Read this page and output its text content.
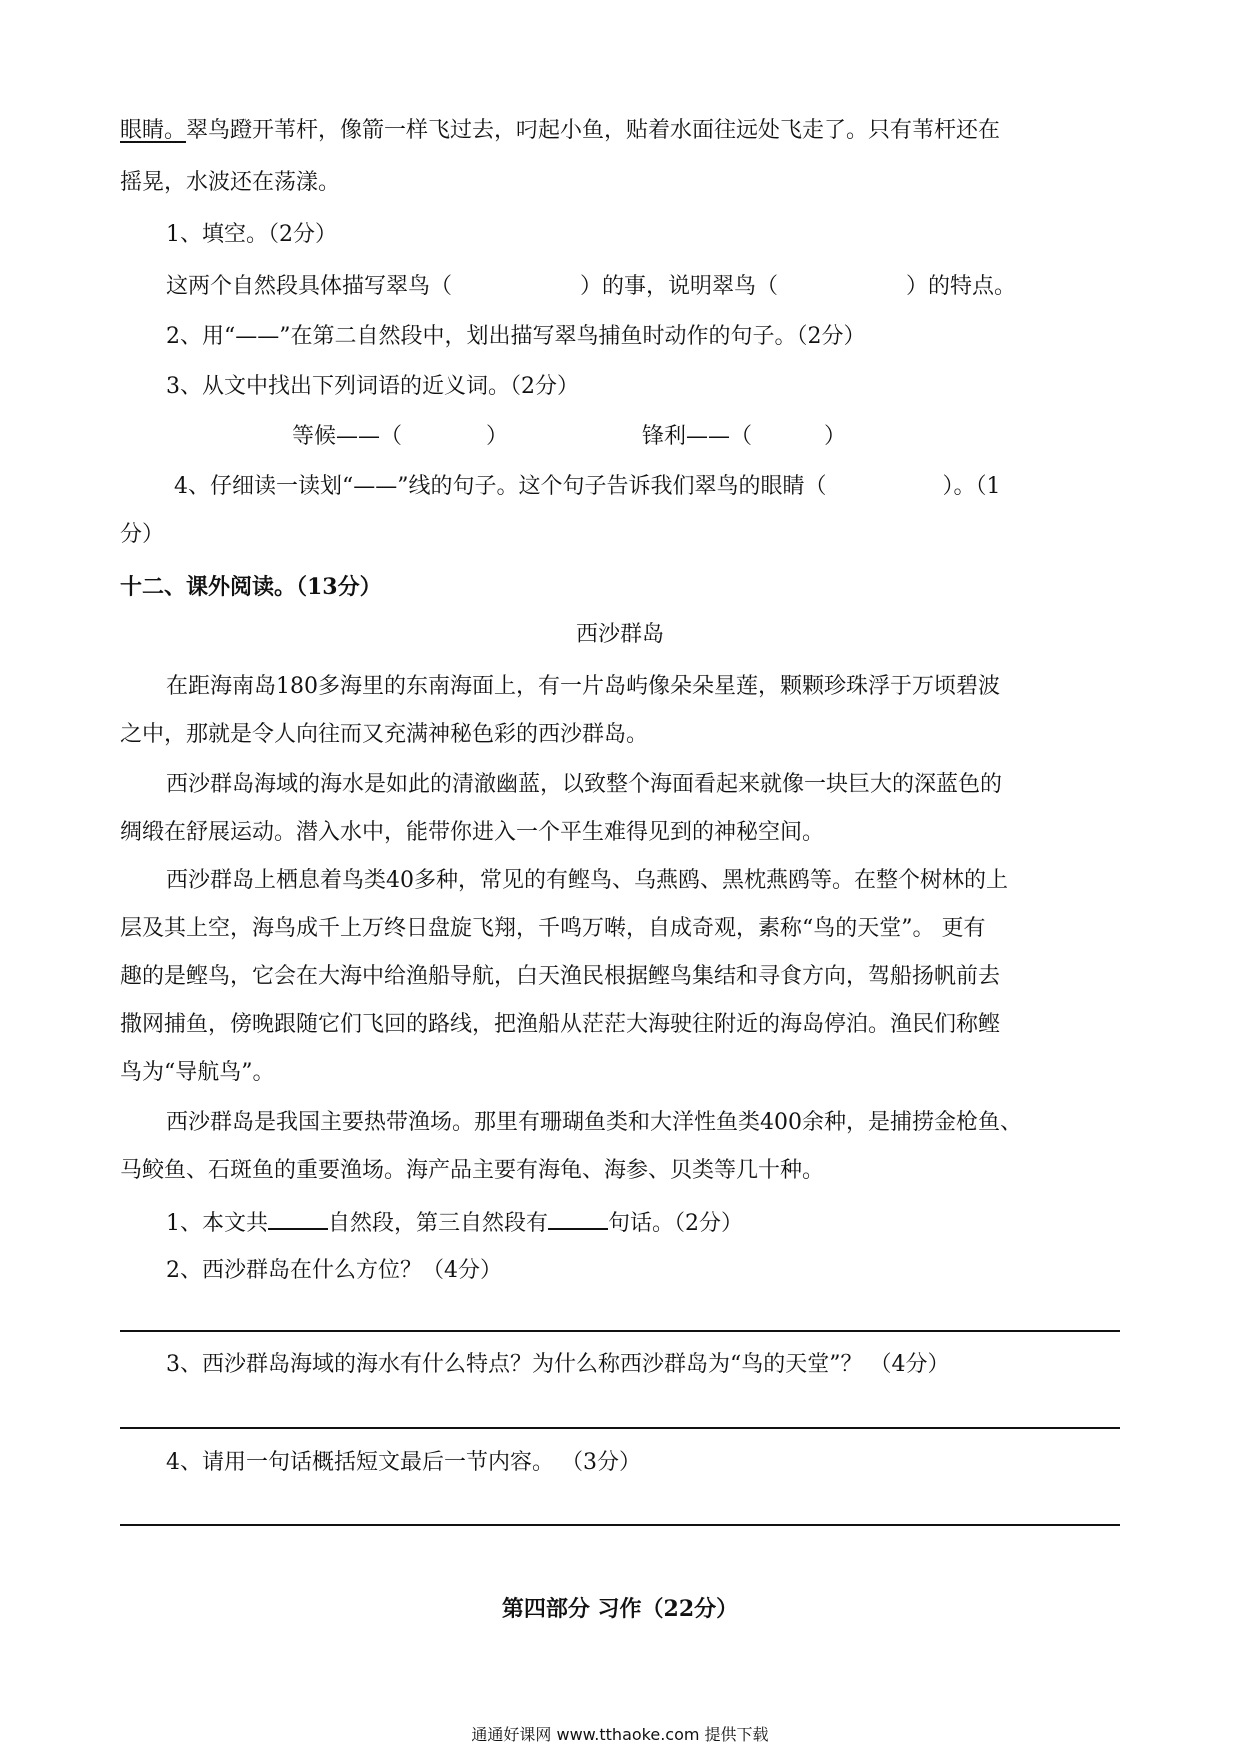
眼睛。翠鸟蹬开苇杆，像箭一样飞过去，叼起小鱼，贴着水面往远处飞走了。只有苇杆还在
摇晃，水波还在荡漾。
1、填空。（2分）
这两个自然段具体描写翠鸟（	）的事，说明翠鸟（	）的特点。
2、用“——”在第二自然段中，划出描写翠鸟捕鱼时动作的句子。（2分）
3、从文中找出下列词语的近义词。（2分）
等候——（	）	锋利——（	）
4、仔细读一读划“——”线的句子。这个句子告诉我们翠鸟的眼睛（	）。（1
分）
十二、课外阅读。（13分）
西沙群岛
在距海南岛180多海里的东南海面上，有一片岛屿像朵朵星莲，颗颗珍珠浮于万顷碧波
之中，那就是令人向往而又充满神秘色彩的西沙群岛。
西沙群岛海域的海水是如此的清澈幽蓝，以致整个海面看起来就像一块巨大的深蓝色的
绸缎在舒展运动。潜入水中，能带你进入一个平生难得见到的神秘空间。
西沙群岛上栖息着鸟类40多种，常见的有鲣鸟、乌燕鸥、黑枕燕鸥等。在整个树林的上
层及其上空，海鸟成千上万终日盘旋飞翔，千鸣万啭，自成奇观，素称“鸟的天堂”。 更有
趣的是鲣鸟，它会在大海中给渔船导航，白天渔民根据鲣鸟集结和寻食方向，驾船扬帆前去
撒网捕鱼，傍晚跟随它们飞回的路线，把渔船从茫茫大海驶往附近的海岛停泊。渔民们称鲣
鸟为“导航鸟”。
西沙群岛是我国主要热带渔场。那里有珊瑚鱼类和大洋性鱼类400余种，是捕捞金枪鱼、
马鲛鱼、石斑鱼的重要渔场。海产品主要有海龟、海参、贝类等几十种。
1、本文共	自然段，第三自然段有	句话。（2分）
2、西沙群岛在什么方位？（4分）
3、西沙群岛海域的海水有什么特点？为什么称西沙群岛为“鸟的天堂”？ （4分）
4、请用一句话概括短文最后一节内容。 （3分）
第四部分 习作（22分）
通通好课网 www.tthaoke.com 提供下载
